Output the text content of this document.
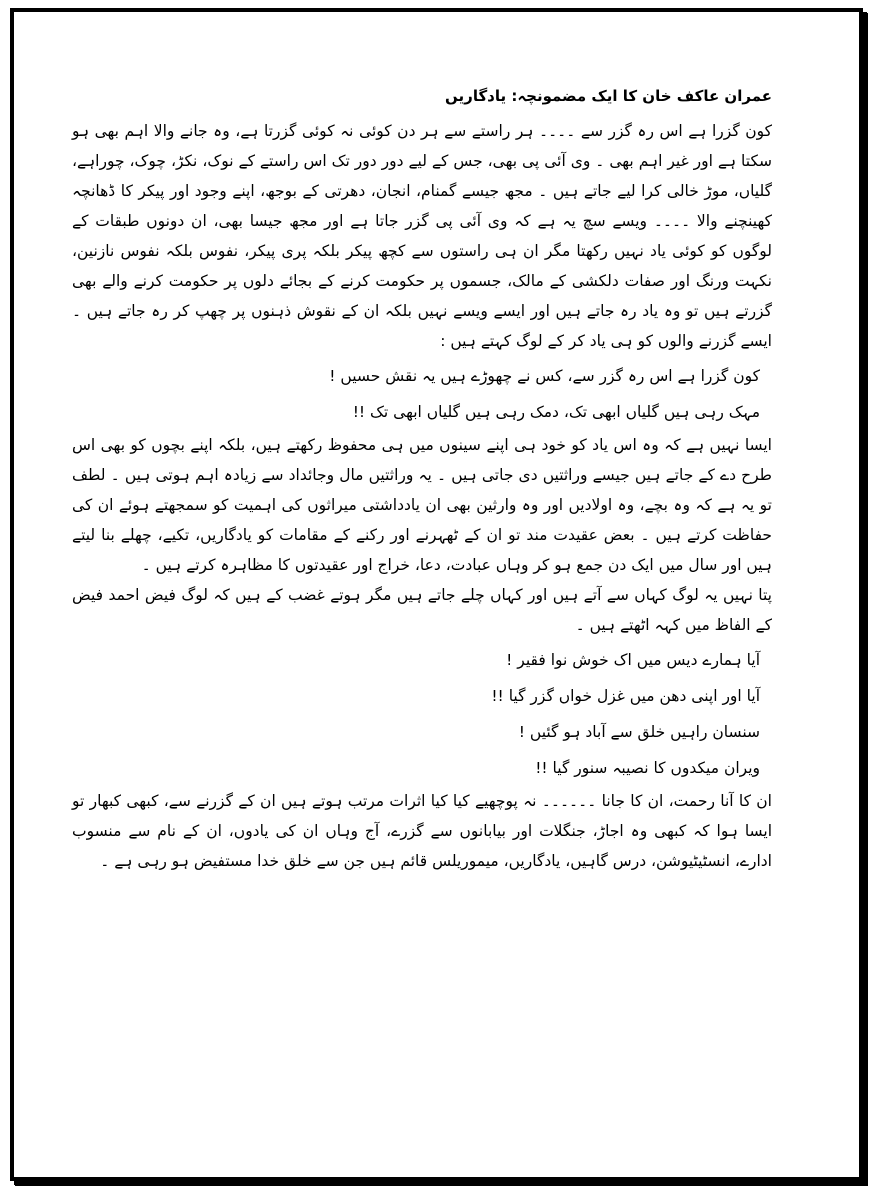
عمران عاکف خان کا ایک مضمونچہ: یادگاریں

کون گزرا ہے اس رہ گزر سے ۔۔۔۔ ہر راستے سے ہر دن کوئی نہ کوئی گزرتا ہے، وہ جانے والا اہم بھی ہو سکتا ہے اور غیر اہم بھی ۔ وی آئی پی بھی، جس کے لیے دور دور تک اس راستے کے نوک، نکڑ، چوک، چوراہے، گلیاں، موڑ خالی کرا لیے جاتے ہیں ۔ مجھ جیسے گمنام، انجان، دھرتی کے بوجھ، اپنے وجود اور پیکر کا ڈھانچہ کھینچنے والا ۔۔۔۔ ویسے سچ یہ ہے کہ وی آئی پی گزر جاتا ہے اور مجھ جیسا بھی، ان دونوں طبقات کے لوگوں کو کوئی یاد نہیں رکھتا مگر ان ہی راستوں سے کچھ پیکر بلکہ پری پیکر، نفوس بلکہ نفوس نازنین، نکہت ورنگ اور صفات دلکشی کے مالک، جسموں پر حکومت کرنے کے بجائے دلوں پر حکومت کرنے والے بھی گزرتے ہیں تو وہ یاد رہ جاتے ہیں اور ایسے ویسے نہیں بلکہ ان کے نقوش ذہنوں پر چھپ کر رہ جاتے ہیں ۔ ایسے گزرنے والوں کو ہی یاد کر کے لوگ کہتے ہیں :

کون گزرا ہے اس رہ گزر سے، کس نے چھوڑے ہیں یہ نقش حسیں !

مہک رہی ہیں گلیاں ابھی تک، دمک رہی ہیں گلیاں ابھی تک !!

ایسا نہیں ہے کہ وہ اس یاد کو خود ہی اپنے سینوں میں ہی محفوظ رکھتے ہیں، بلکہ اپنے بچوں کو بھی اس طرح دے کے جاتے ہیں جیسے وراثتیں دی جاتی ہیں ۔ یہ وراثتیں مال وجائداد سے زیادہ اہم ہوتی ہیں ۔ لطف تو یہ ہے کہ وہ بچے، وہ اولادیں اور وہ وارثین بھی ان یادداشتی میراثوں کی اہمیت کو سمجھتے ہوئے ان کی حفاظت کرتے ہیں ۔ بعض عقیدت مند تو ان کے ٹھہرنے اور رکنے کے مقامات کو یادگاریں، تکیے، چھلے بنا لیتے ہیں اور سال میں ایک دن جمع ہو کر وہاں عبادت، دعا، خراج اور عقیدتوں کا مظاہرہ کرتے ہیں ۔

پتا نہیں یہ لوگ کہاں سے آتے ہیں اور کہاں چلے جاتے ہیں مگر ہوتے غضب کے ہیں کہ لوگ فیض احمد فیض کے الفاظ میں کہہ اٹھتے ہیں ۔

آیا ہمارے دیس میں اک خوش نوا فقیر !

آیا اور اپنی دھن میں غزل خواں گزر گیا !!

سنسان راہیں خلق سے آباد ہو گئیں !

ویران میکدوں کا نصیبہ سنور گیا !!

ان کا آنا رحمت، ان کا جانا ۔۔۔۔۔۔ نہ پوچھیے کیا کیا اثرات مرتب ہوتے ہیں ان کے گزرنے سے، کبھی کبھار تو ایسا ہوا کہ کبھی وہ اجاڑ، جنگلات اور بیابانوں سے گزرے، آج وہاں ان کی یادوں، ان کے نام سے منسوب ادارے، انسٹیٹیوشن، درس گاہیں، یادگاریں، میموریلس قائم ہیں جن سے خلق خدا مستفیض ہو رہی ہے ۔
